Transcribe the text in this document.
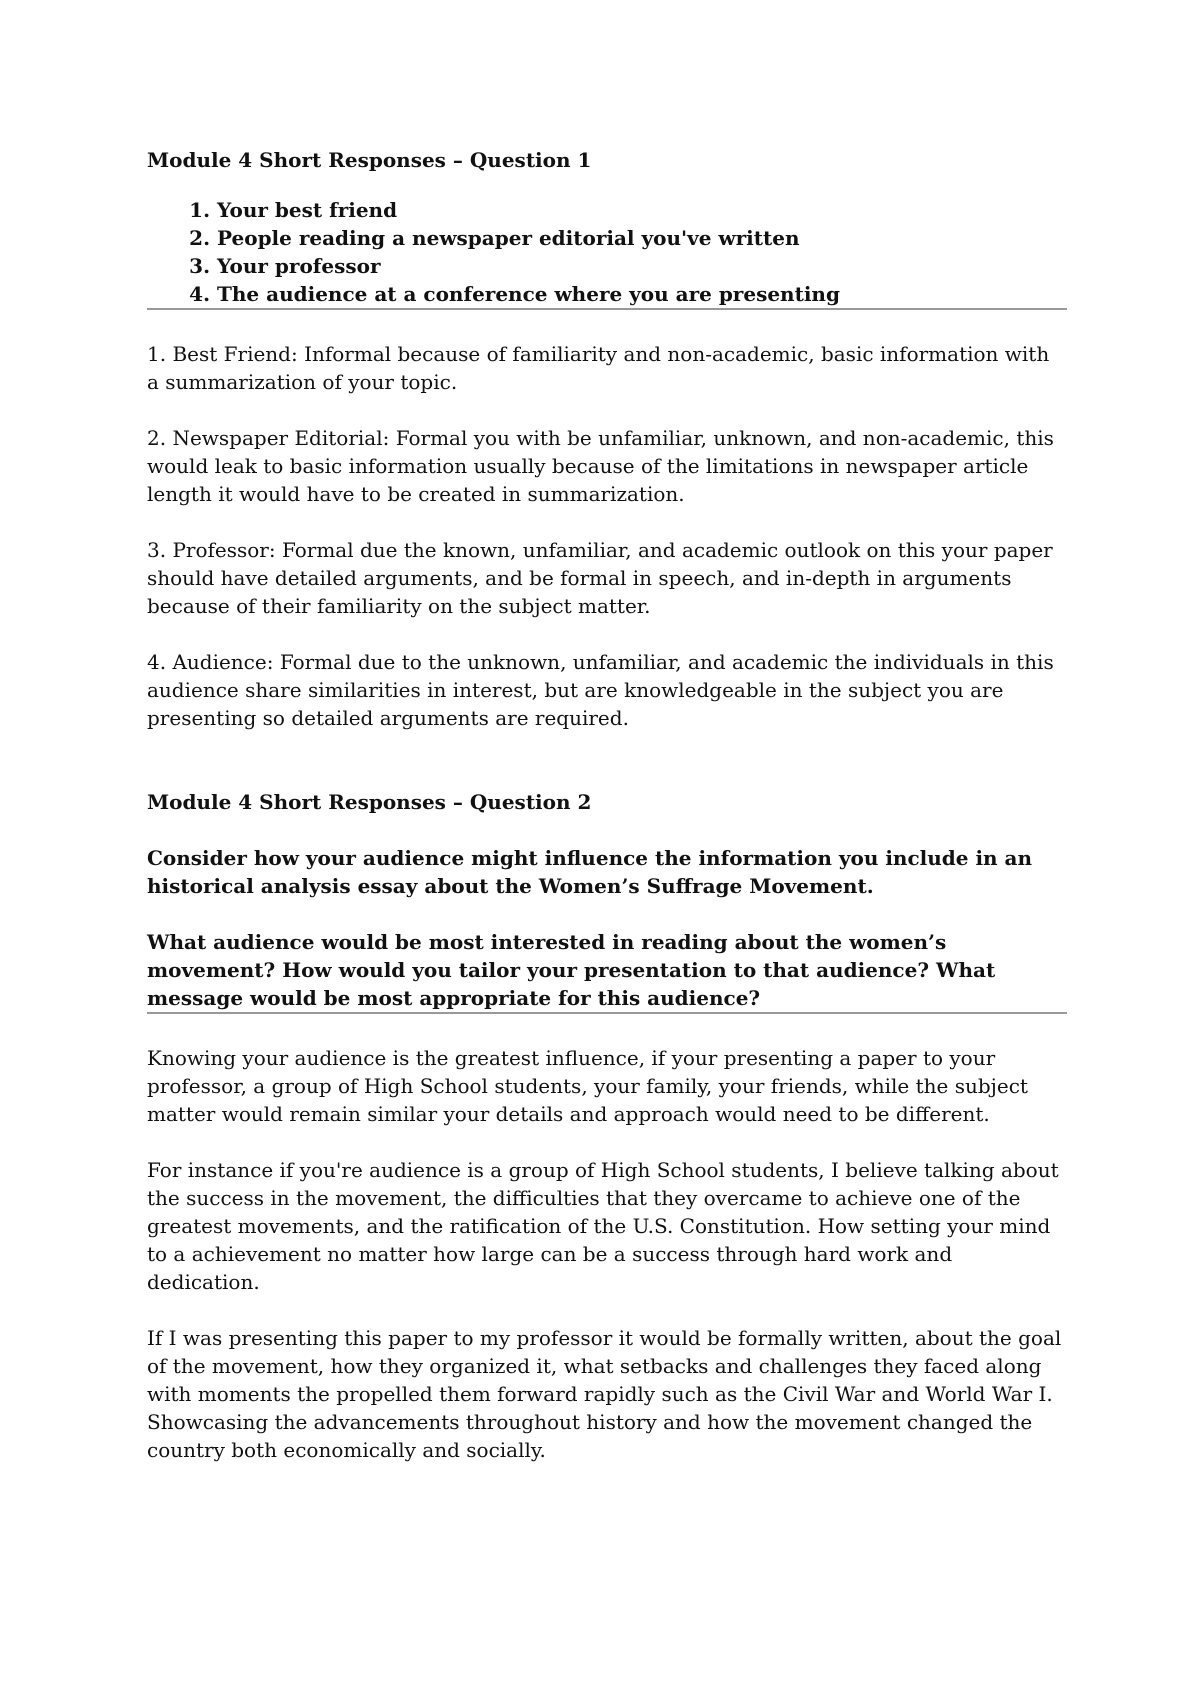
Module 4 Short Responses – Question 1

1. Your best friend
2. People reading a newspaper editorial you've written
3. Your professor
4. The audience at a conference where you are presenting

1. Best Friend: Informal because of familiarity and non-academic, basic information with a summarization of your topic.

2. Newspaper Editorial: Formal you with be unfamiliar, unknown, and non-academic, this would leak to basic information usually because of the limitations in newspaper article length it would have to be created in summarization.

3. Professor: Formal due the known, unfamiliar, and academic outlook on this your paper should have detailed arguments, and be formal in speech, and in-depth in arguments because of their familiarity on the subject matter.

4. Audience: Formal due to the unknown, unfamiliar, and academic the individuals in this audience share similarities in interest, but are knowledgeable in the subject you are presenting so detailed arguments are required.

Module 4 Short Responses – Question 2

Consider how your audience might influence the information you include in an historical analysis essay about the Women’s Suffrage Movement.

What audience would be most interested in reading about the women’s movement? How would you tailor your presentation to that audience? What message would be most appropriate for this audience?

Knowing your audience is the greatest influence, if your presenting a paper to your professor, a group of High School students, your family, your friends, while the subject matter would remain similar your details and approach would need to be different.

For instance if you're audience is a group of High School students, I believe talking about the success in the movement, the difficulties that they overcame to achieve one of the greatest movements, and the ratification of the U.S. Constitution. How setting your mind to a achievement no matter how large can be a success through hard work and dedication.

If I was presenting this paper to my professor it would be formally written, about the goal of the movement, how they organized it, what setbacks and challenges they faced along with moments the propelled them forward rapidly such as the Civil War and World War I. Showcasing the advancements throughout history and how the movement changed the country both economically and socially.
